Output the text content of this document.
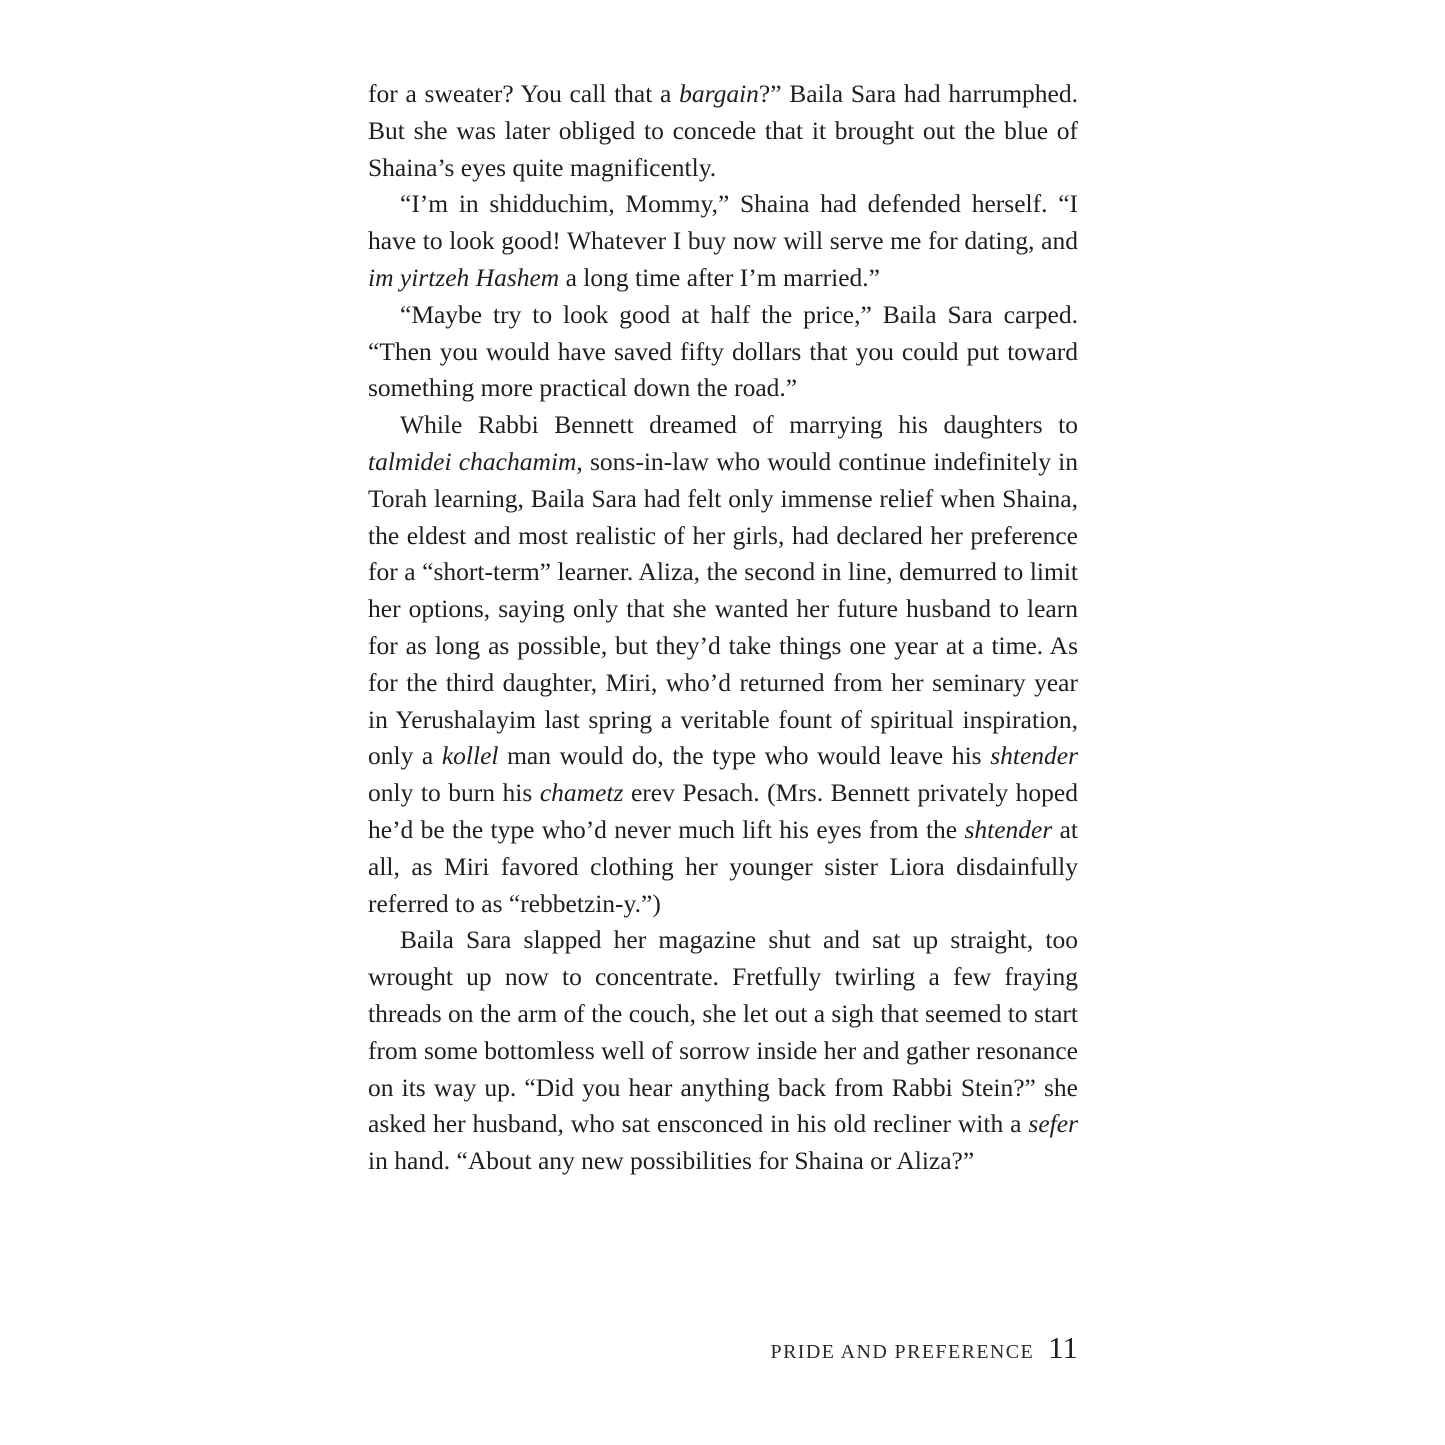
for a sweater? You call that a bargain?” Baila Sara had harrumphed. But she was later obliged to concede that it brought out the blue of Shaina’s eyes quite magnificently.

“I’m in shidduchim, Mommy,” Shaina had defended herself. “I have to look good! Whatever I buy now will serve me for dating, and im yirtzeh Hashem a long time after I’m married.”

“Maybe try to look good at half the price,” Baila Sara carped. “Then you would have saved fifty dollars that you could put toward something more practical down the road.”

While Rabbi Bennett dreamed of marrying his daughters to talmidei chachamim, sons-in-law who would continue indefinitely in Torah learning, Baila Sara had felt only immense relief when Shaina, the eldest and most realistic of her girls, had declared her preference for a “short-term” learner. Aliza, the second in line, demurred to limit her options, saying only that she wanted her future husband to learn for as long as possible, but they’d take things one year at a time. As for the third daughter, Miri, who’d returned from her seminary year in Yerushalayim last spring a veritable fount of spiritual inspiration, only a kollel man would do, the type who would leave his shtender only to burn his chametz erev Pesach. (Mrs. Bennett privately hoped he’d be the type who’d never much lift his eyes from the shtender at all, as Miri favored clothing her younger sister Liora disdainfully referred to as “rebbetzin-y.”)

Baila Sara slapped her magazine shut and sat up straight, too wrought up now to concentrate. Fretfully twirling a few fraying threads on the arm of the couch, she let out a sigh that seemed to start from some bottomless well of sorrow inside her and gather resonance on its way up. “Did you hear anything back from Rabbi Stein?” she asked her husband, who sat ensconced in his old recliner with a sefer in hand. “About any new possibilities for Shaina or Aliza?”

PRIDE AND PREFERENCE 11
